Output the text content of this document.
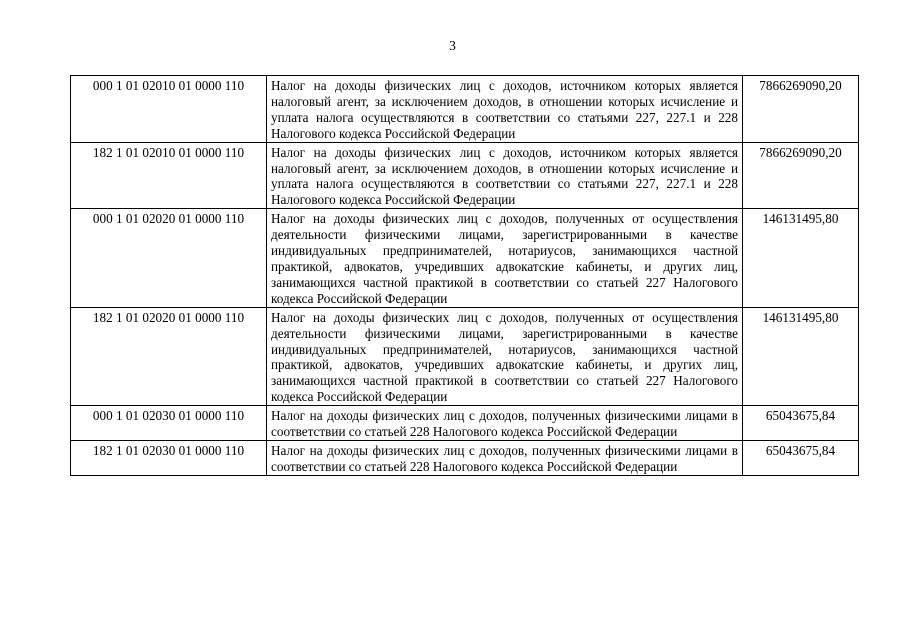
3
000 1 01 02010 01 0000 110	Налог на доходы физических лиц с доходов, источником которых является налоговый агент, за исключением доходов, в отношении которых исчисление и уплата налога осуществляются в соответствии со статьями 227, 227.1 и 228 Налогового кодекса Российской Федерации	7866269090,20
182 1 01 02010 01 0000 110	Налог на доходы физических лиц с доходов, источником которых является налоговый агент, за исключением доходов, в отношении которых исчисление и уплата налога осуществляются в соответствии со статьями 227, 227.1 и 228 Налогового кодекса Российской Федерации	7866269090,20
000 1 01 02020 01 0000 110	Налог на доходы физических лиц с доходов, полученных от осуществления деятельности физическими лицами, зарегистрированными в качестве индивидуальных предпринимателей, нотариусов, занимающихся частной практикой, адвокатов, учредивших адвокатские кабинеты, и других лиц, занимающихся частной практикой в соответствии со статьей 227 Налогового кодекса Российской Федерации	146131495,80
182 1 01 02020 01 0000 110	Налог на доходы физических лиц с доходов, полученных от осуществления деятельности физическими лицами, зарегистрированными в качестве индивидуальных предпринимателей, нотариусов, занимающихся частной практикой, адвокатов, учредивших адвокатские кабинеты, и других лиц, занимающихся частной практикой в соответствии со статьей 227 Налогового кодекса Российской Федерации	146131495,80
000 1 01 02030 01 0000 110	Налог на доходы физических лиц с доходов, полученных физическими лицами в соответствии со статьей 228 Налогового кодекса Российской Федерации	65043675,84
182 1 01 02030 01 0000 110	Налог на доходы физических лиц с доходов, полученных физическими лицами в соответствии со статьей 228 Налогового кодекса Российской Федерации	65043675,84
